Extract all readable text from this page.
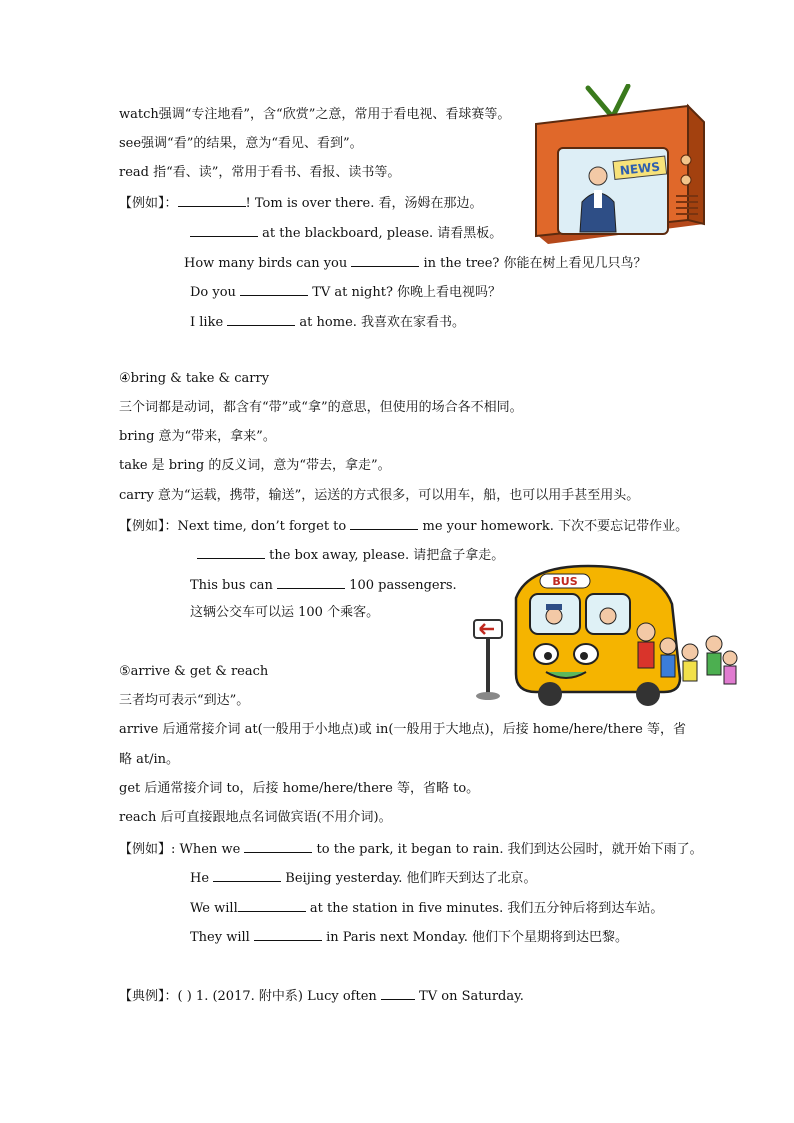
watch强调“专注地看”，含“欣赏”之意，常用于看电视、看球赛等。
see强调“看”的结果，意为“看见、看到”。
read 指“看、读”，常用于看书、看报、读书等。
【例如】：	! Tom is over there. 看，汤姆在那边。
at the blackboard, please. 请看黑板。
How many birds can you	in the tree? 你能在树上看见几只鸟？
Do you	TV at night? 你晚上看电视吗？
I like	at home. 我喜欢在家看书。
NEWS
④bring & take & carry
三个词都是动词，都含有“带”或“拿”的意思，但使用的场合各不相同。
bring 意为“带来，拿来”。
take 是 bring 的反义词，意为“带去，拿走”。
carry 意为“运载，携带，输送”，运送的方式很多，可以用车，船，也可以用手甚至用头。
【例如】：Next time, don’t forget to	me your homework. 下次不要忘记带作业。
the box away, please. 请把盒子拿走。
This bus can	100 passengers.
这辆公交车可以运 100 个乘客。
BUS
⑤arrive & get & reach
三者均可表示“到达”。
arrive 后通常接介词 at(一般用于小地点)或 in(一般用于大地点)，后接 home/here/there 等，省
略 at/in。
get 后通常接介词 to，后接 home/here/there 等，省略 to。
reach 后可直接跟地点名词做宾语(不用介词)。
【例如】: When we	to the park, it began to rain. 我们到达公园时，就开始下雨了。
He	Beijing yesterday. 他们昨天到达了北京。
We will	at the station in five minutes. 我们五分钟后将到达车站。
They will	in Paris next Monday. 他们下个星期将到达巴黎。
【典例】：( ) 1. (2017. 附中系) Lucy often	TV on Saturday.
